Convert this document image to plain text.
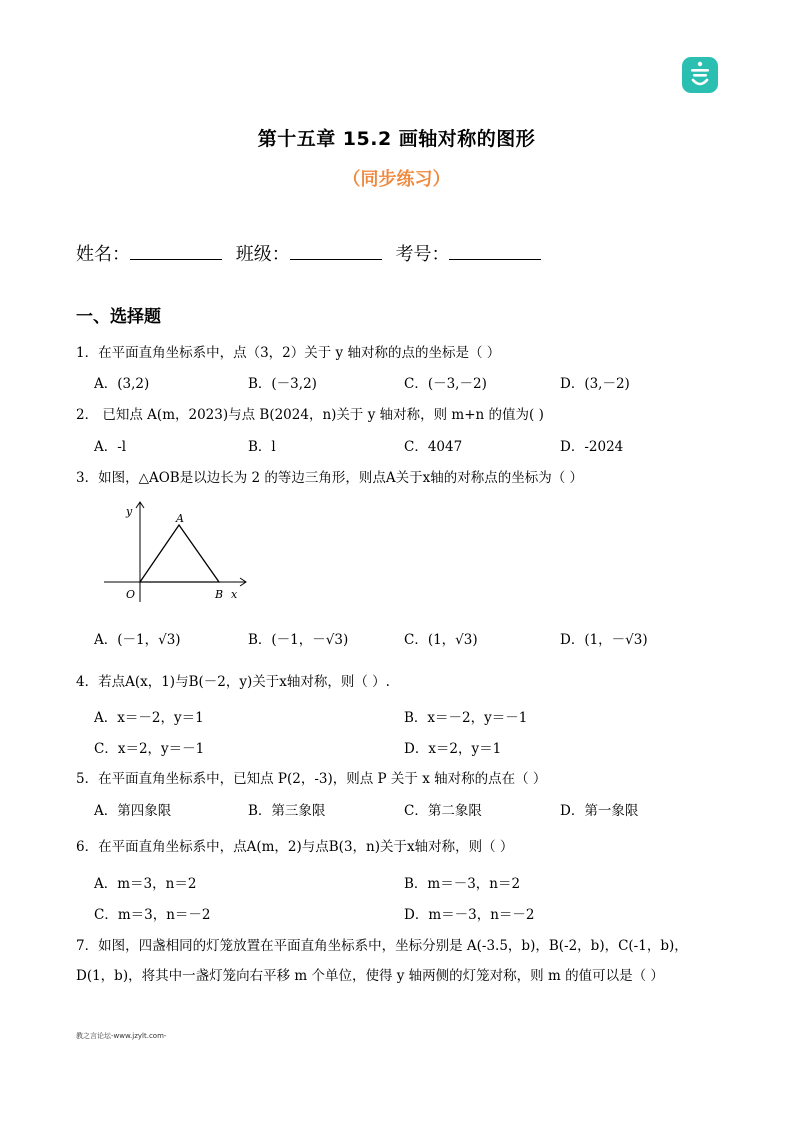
第十五章 15.2 画轴对称的图形
（同步练习）
姓名：	班级：	考号：
一、选择题
1．在平面直角坐标系中，点（3，2）关于 y 轴对称的点的坐标是（ ）
A．(3,2)	B．(－3,2)	C．(－3,－2)	D．(3,－2)
2． 已知点 A(m，2023)与点 B(2024，n)关于 y 轴对称，则 m+n 的值为( )
A．-l	B．l	C．4047	D．-2024
3．如图，△AOB是以边长为 2 的等边三角形，则点A关于x轴的对称点的坐标为（ ）
y
A
O	B x
A．(－1，√3)	B．(－1，－√3)	C．(1，√3)	D．(1，－√3)
4．若点A(x，1)与B(－2，y)关于x轴对称，则（ ）.
A．x＝－2，y＝1	B．x＝－2，y＝－1
C．x＝2，y＝－1	D．x＝2，y＝1
5．在平面直角坐标系中，已知点 P(2，-3)，则点 P 关于 x 轴对称的点在（ ）
A．第四象限	B．第三象限	C．第二象限	D．第一象限
6．在平面直角坐标系中，点A(m，2)与点B(3，n)关于x轴对称，则（ ）
A．m＝3，n＝2	B．m＝－3，n＝2
C．m＝3，n＝－2	D．m＝－3，n＝－2
7．如图，四盏相同的灯笼放置在平面直角坐标系中，坐标分别是 A(-3.5，b)，B(-2，b)，C(-1，b)，
D(1，b)，将其中一盏灯笼向右平移 m 个单位，使得 y 轴两侧的灯笼对称，则 m 的值可以是（ ）
教之言论坛-www.jzylt.com-
